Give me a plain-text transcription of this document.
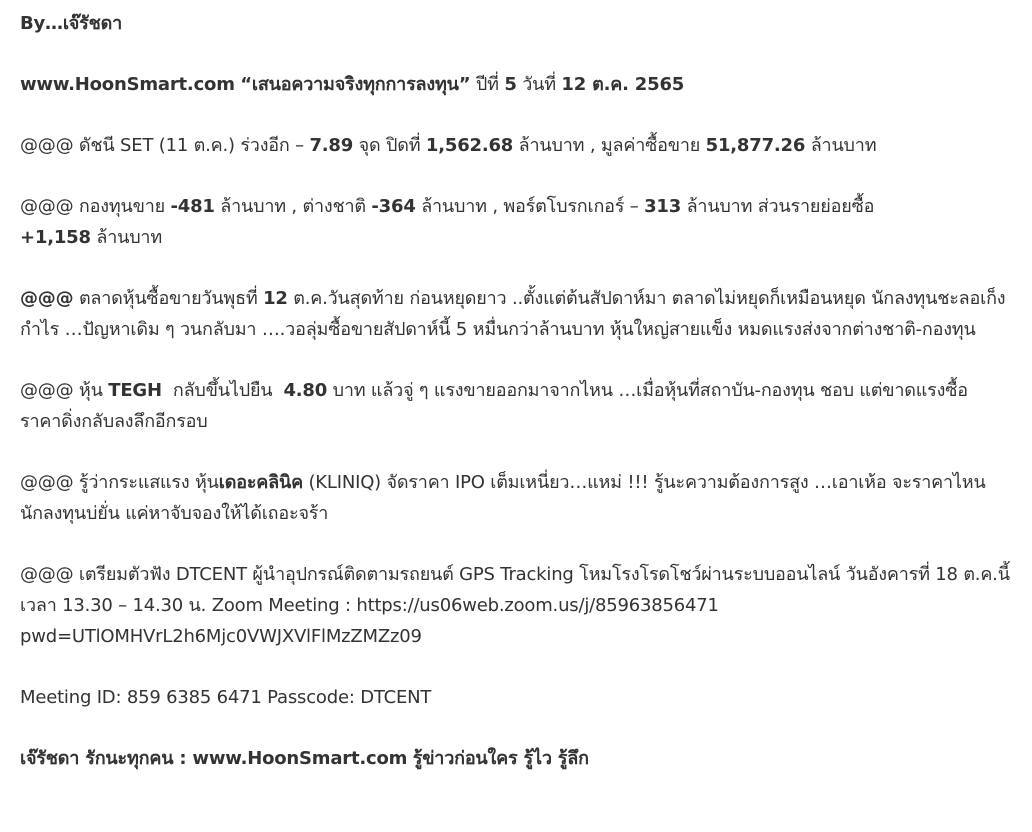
By…เจ๊รัชดา

www.HoonSmart.com “เสนอความจริงทุกการลงทุน” ปีที่ 5 วันที่ 12 ต.ค. 2565

@@@ ดัชนี SET (11 ต.ค.) ร่วงอีก – 7.89 จุด ปิดที่ 1,562.68 ล้านบาท , มูลค่าซื้อขาย 51,877.26 ล้านบาท

@@@ กองทุนขาย -481 ล้านบาท , ต่างชาติ -364 ล้านบาท , พอร์ตโบรกเกอร์ – 313 ล้านบาท ส่วนรายย่อยซื้อ
+1,158 ล้านบาท

@@@ ตลาดหุ้นซื้อขายวันพุธที่ 12 ต.ค.วันสุดท้าย ก่อนหยุดยาว ..ตั้งแต่ต้นสัปดาห์มา ตลาดไม่หยุดก็เหมือนหยุด นักลงทุนชะลอเก็งกำไร …ปัญหาเดิม ๆ วนกลับมา ….วอลุ่มซื้อขายสัปดาห์นี้ 5 หมื่นกว่าล้านบาท หุ้นใหญ่สายแข็ง หมดแรงส่งจากต่างชาติ-กองทุน

@@@ หุ้น TEGH กลับขึ้นไปยืน 4.80 บาท แล้วจู่ ๆ แรงขายออกมาจากไหน …เมื่อหุ้นที่สถาบัน-กองทุน ชอบ แต่ขาดแรงซื้อ ราคาดิ่งกลับลงลึกอีกรอบ

@@@ รู้ว่ากระแสแรง หุ้นเดอะคลินิค (KLINIQ) จัดราคา IPO เต็มเหนี่ยว…แหม่ !!! รู้นะความต้องการสูง …เอาเห้อ จะราคาไหน นักลงทุนบ่ยั่น แค่หาจับจองให้ได้เถอะจร้า

@@@ เตรียมตัวฟัง DTCENT ผู้นำอุปกรณ์ติดตามรถยนต์ GPS Tracking โหมโรงโรดโชว์ผ่านระบบออนไลน์ วันอังคารที่ 18 ต.ค.นี้ เวลา 13.30 – 14.30 น. Zoom Meeting : https://us06web.zoom.us/j/85963856471 pwd=UTlOMHVrL2h6Mjc0VWJXVlFlMzZMZz09

Meeting ID: 859 6385 6471 Passcode: DTCENT

เจ๊รัชดา รักนะทุกคน : www.HoonSmart.com รู้ข่าวก่อนใคร รู้ไว รู้ลึก
